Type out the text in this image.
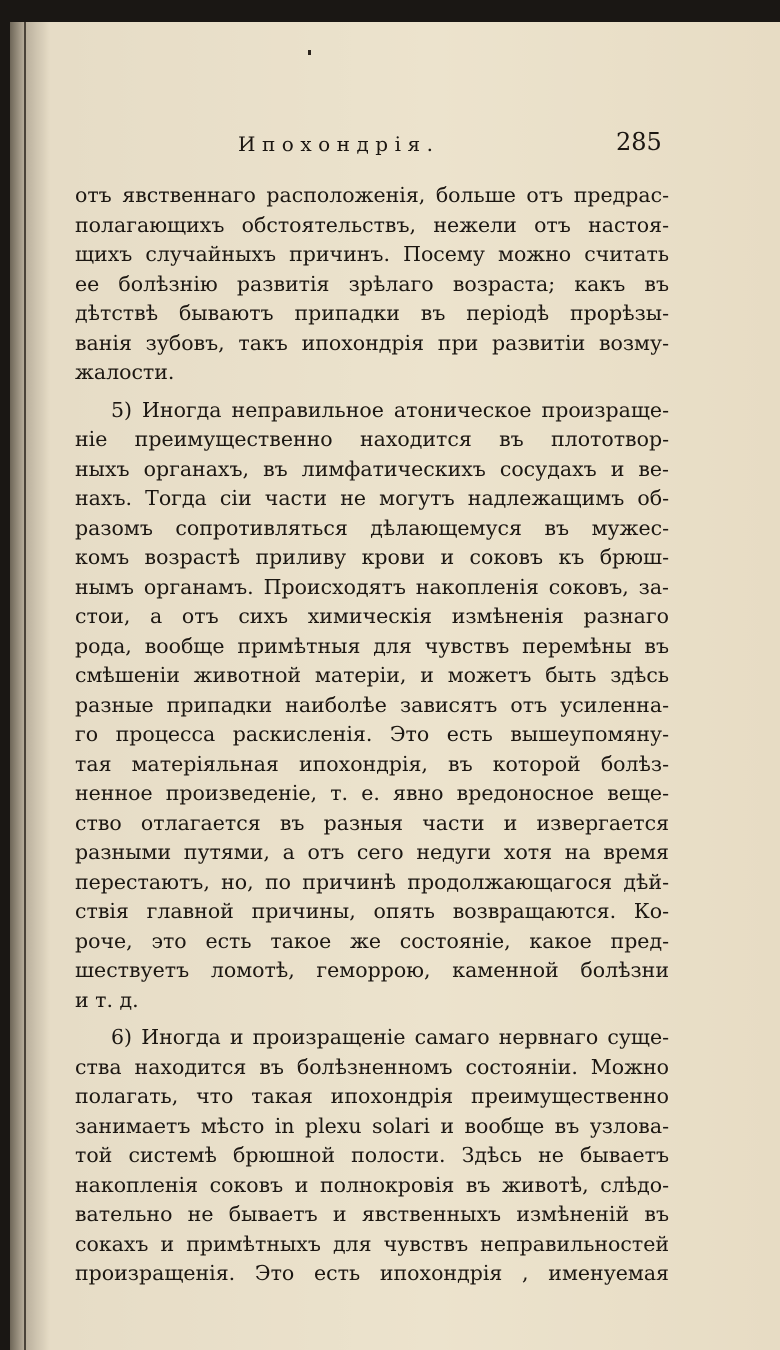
Ипохондрія.	285

отъ явственнаго расположенія, больше отъ предрас-
полагающихъ обстоятельствъ, нежели отъ настоя-
щихъ случайныхъ причинъ. Посему можно считать
ее болѣзнію развитія зрѣлаго возраста; какъ въ
дѣтствѣ бываютъ припадки въ періодѣ прорѣзы-
ванія зубовъ, такъ ипохондрія при развитіи возму-
жалости.

5) Иногда неправильное атоническое произраще-
ніе преимущественно находится въ плототвор-
ныхъ органахъ, въ лимфатическихъ сосудахъ и ве-
нахъ. Тогда сіи части не могутъ надлежащимъ об-
разомъ сопротивляться дѣлающемуся въ мужес-
комъ возрастѣ приливу крови и соковъ къ брюш-
нымъ органамъ. Происходятъ накопленія соковъ, за-
стои, а отъ сихъ химическія измѣненія разнаго
рода, вообще примѣтныя для чувствъ перемѣны въ
смѣшеніи животной матеріи, и можетъ быть здѣсь
разные припадки наиболѣе зависятъ отъ усиленна-
го процесса раскисленія. Это есть вышеупомяну-
тая матеріяльная ипохондрія, въ которой болѣз-
ненное произведеніе, т. е. явно вредоносное веще-
ство отлагается въ разныя части и извергается
разными путями, а отъ сего недуги хотя на время
перестаютъ, но, по причинѣ продолжающагося дѣй-
ствія главной причины, опять возвращаются. Ко-
роче, это есть такое же состояніе, какое пред-
шествуетъ ломотѣ, геморрою, каменной болѣзни
и т. д.

6) Иногда и произращеніе самаго нервнаго суще-
ства находится въ болѣзненномъ состояніи. Можно
полагать, что такая ипохондрія преимущественно
занимаетъ мѣсто in plexu solari и вообще въ узлова-
той системѣ брюшной полости. Здѣсь не бываетъ
накопленія соковъ и полнокровія въ животѣ, слѣдо-
вательно не бываетъ и явственныхъ измѣненій въ
сокахъ и примѣтныхъ для чувствъ неправильностей
произращенія. Это есть ипохондрія , именуемая
